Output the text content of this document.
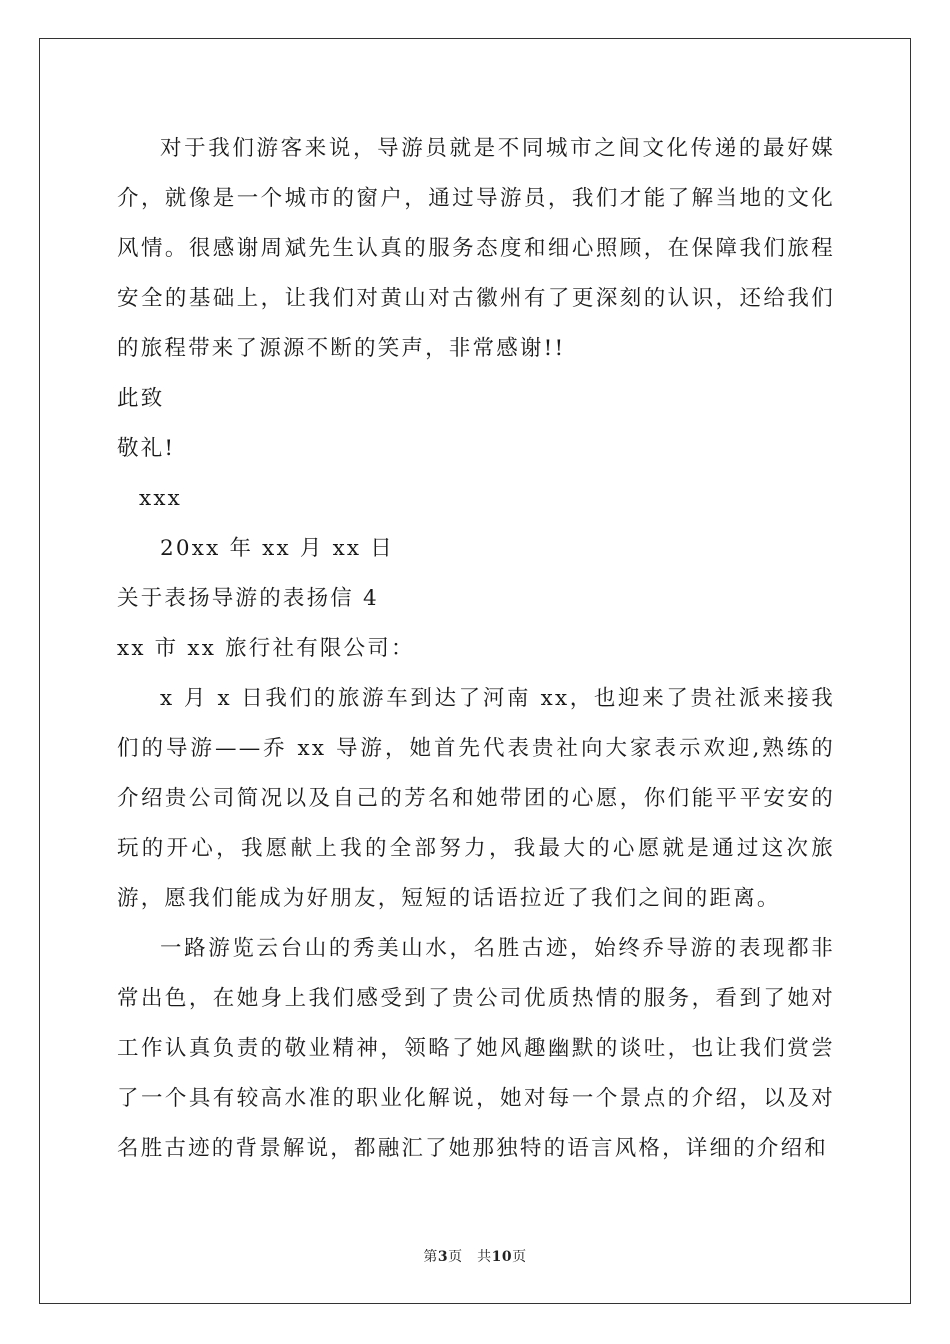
对于我们游客来说，导游员就是不同城市之间文化传递的最好媒介，就像是一个城市的窗户，通过导游员，我们才能了解当地的文化风情。很感谢周斌先生认真的服务态度和细心照顾，在保障我们旅程安全的基础上，让我们对黄山对古徽州有了更深刻的认识，还给我们的旅程带来了源源不断的笑声，非常感谢!!

此致

敬礼!

xxx

20xx 年 xx 月 xx 日

关于表扬导游的表扬信 4

xx 市 xx 旅行社有限公司：

x 月 x 日我们的旅游车到达了河南 xx，也迎来了贵社派来接我们的导游——乔 xx 导游，她首先代表贵社向大家表示欢迎,熟练的介绍贵公司简况以及自己的芳名和她带团的心愿，你们能平平安安的玩的开心，我愿献上我的全部努力，我最大的心愿就是通过这次旅游，愿我们能成为好朋友，短短的话语拉近了我们之间的距离。

一路游览云台山的秀美山水，名胜古迹，始终乔导游的表现都非常出色，在她身上我们感受到了贵公司优质热情的服务，看到了她对工作认真负责的敬业精神，领略了她风趣幽默的谈吐，也让我们赏尝了一个具有较高水准的职业化解说，她对每一个景点的介绍，以及对名胜古迹的背景解说，都融汇了她那独特的语言风格，详细的介绍和

第3页　共10页
